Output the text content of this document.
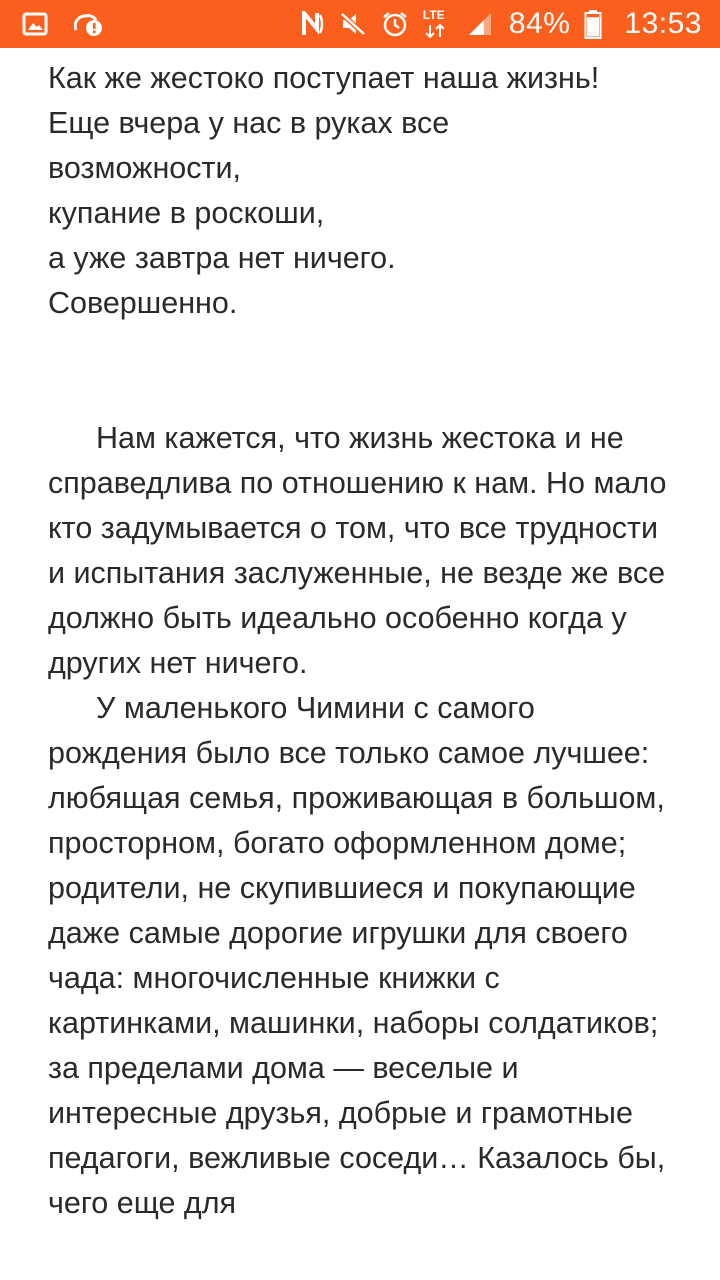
LTE 84% 13:53
Как же жестоко поступает наша жизнь!
Еще вчера у нас в руках все
возможности,
купание в роскоши,
а уже завтра нет ничего.
Совершенно.

Нам кажется, что жизнь жестока и не справедлива по отношению к нам. Но мало кто задумывается о том, что все трудности и испытания заслуженные, не везде же все должно быть идеально особенно когда у других нет ничего.

У маленького Чимини с самого рождения было все только самое лучшее: любящая семья, проживающая в большом, просторном, богато оформленном доме; родители, не скупившиеся и покупающие даже самые дорогие игрушки для своего чада: многочисленные книжки с картинками, машинки, наборы солдатиков; за пределами дома — веселые и интересные друзья, добрые и грамотные педагоги, вежливые соседи… Казалось бы, чего еще для
